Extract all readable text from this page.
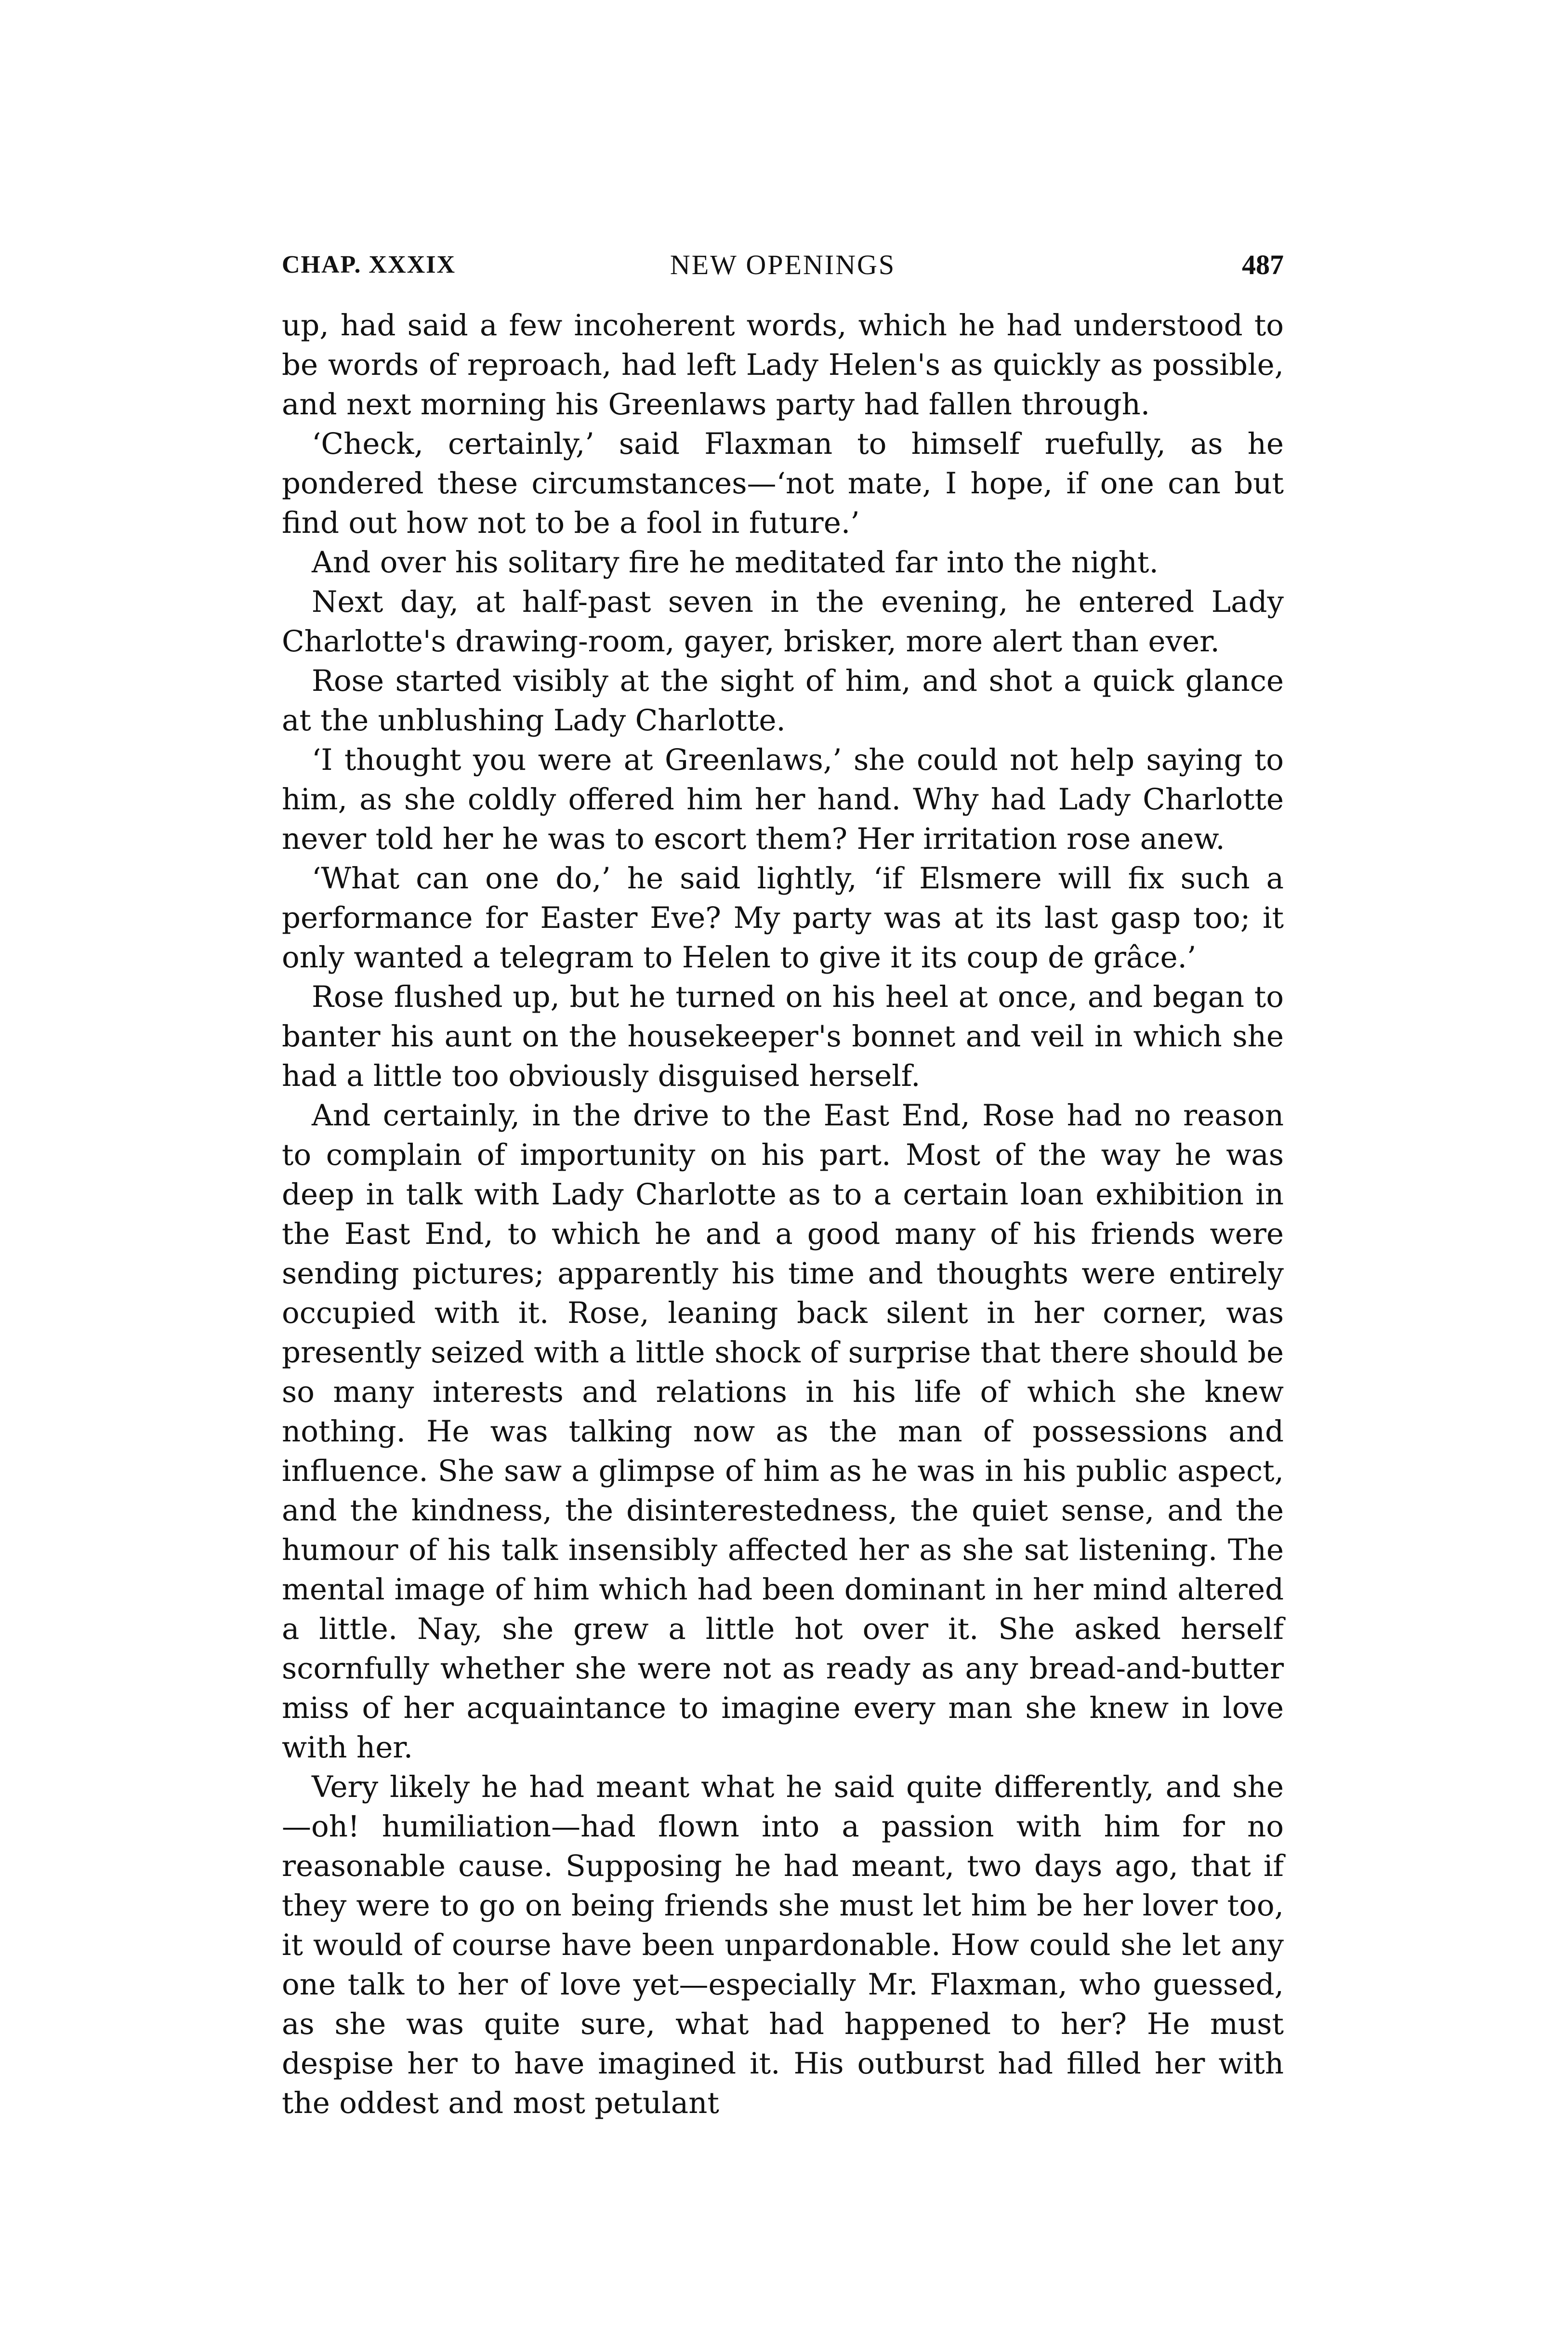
CHAP. XXXIX	NEW OPENINGS	487

up, had said a few incoherent words, which he had understood to be words of reproach, had left Lady Helen's as quickly as possible, and next morning his Greenlaws party had fallen through.

‘Check, certainly,’ said Flaxman to himself ruefully, as he pondered these circumstances—‘not mate, I hope, if one can but find out how not to be a fool in future.’

And over his solitary fire he meditated far into the night.

Next day, at half-past seven in the evening, he entered Lady Charlotte's drawing-room, gayer, brisker, more alert than ever.

Rose started visibly at the sight of him, and shot a quick glance at the unblushing Lady Charlotte.

‘I thought you were at Greenlaws,’ she could not help saying to him, as she coldly offered him her hand. Why had Lady Charlotte never told her he was to escort them? Her irritation rose anew.

‘What can one do,’ he said lightly, ‘if Elsmere will fix such a performance for Easter Eve? My party was at its last gasp too; it only wanted a telegram to Helen to give it its coup de grâce.’

Rose flushed up, but he turned on his heel at once, and began to banter his aunt on the housekeeper's bonnet and veil in which she had a little too obviously disguised herself.

And certainly, in the drive to the East End, Rose had no reason to complain of importunity on his part. Most of the way he was deep in talk with Lady Charlotte as to a certain loan exhibition in the East End, to which he and a good many of his friends were sending pictures; apparently his time and thoughts were entirely occupied with it. Rose, leaning back silent in her corner, was presently seized with a little shock of surprise that there should be so many interests and relations in his life of which she knew nothing. He was talking now as the man of possessions and influence. She saw a glimpse of him as he was in his public aspect, and the kindness, the disinterestedness, the quiet sense, and the humour of his talk insensibly affected her as she sat listening. The mental image of him which had been dominant in her mind altered a little. Nay, she grew a little hot over it. She asked herself scornfully whether she were not as ready as any bread-and-butter miss of her acquaintance to imagine every man she knew in love with her.

Very likely he had meant what he said quite differently, and she—oh! humiliation—had flown into a passion with him for no reasonable cause. Supposing he had meant, two days ago, that if they were to go on being friends she must let him be her lover too, it would of course have been unpardonable. How could she let any one talk to her of love yet—especially Mr. Flaxman, who guessed, as she was quite sure, what had happened to her? He must despise her to have imagined it. His outburst had filled her with the oddest and most petulant
